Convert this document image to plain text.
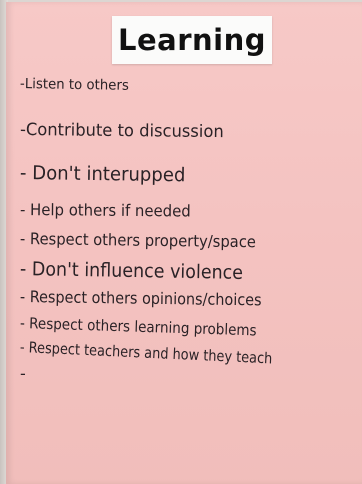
Learning
-Listen to others
-Contribute to discussion
- Don't interupped
- Help others if needed
- Respect others property/space
- Don't influence violence
- Respect others opinions/choices
- Respect others learning problems
- Respect teachers and how they teach
-
